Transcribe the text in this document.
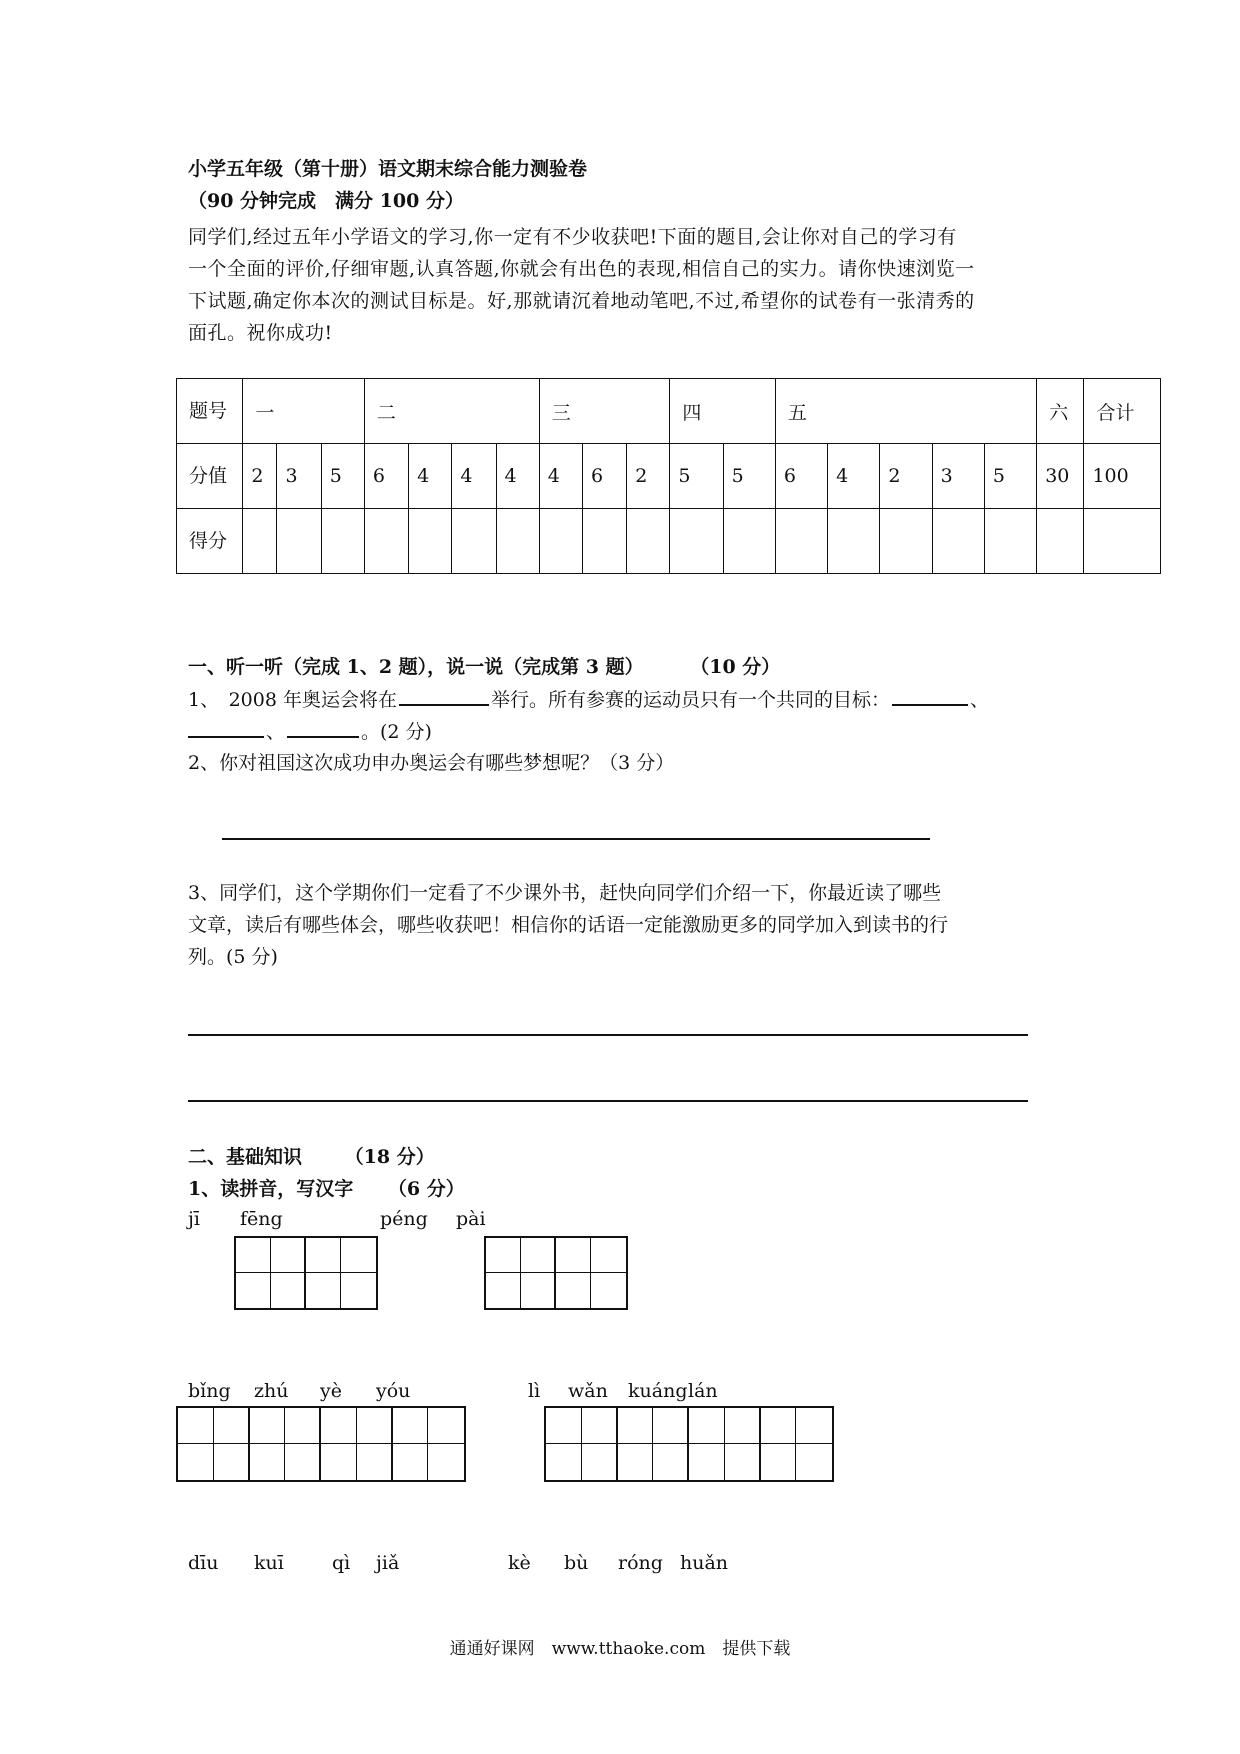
小学五年级（第十册）语文期末综合能力测验卷
（90 分钟完成　满分 100 分）
同学们,经过五年小学语文的学习,你一定有不少收获吧!下面的题目,会让你对自己的学习有
一个全面的评价,仔细审题,认真答题,你就会有出色的表现,相信自己的实力。请你快速浏览一
下试题,确定你本次的测试目标是。好,那就请沉着地动笔吧,不过,希望你的试卷有一张清秀的
面孔。祝你成功!
题号	一			二				三			四		五					六	合计
分值	2	3	5	6	4	4	4	4	6	2	5	5	6	4	2	3	5	30	100
得分																			
一、听一听（完成 1、2 题），说一说（完成第 3 题） （10 分）
1、　2008 年奥运会将在	举行。所有参赛的运动员只有一个共同的目标：	、
、	。(2 分)
2、你对祖国这次成功申办奥运会有哪些梦想呢？（3 分）
3、同学们，这个学期你们一定看了不少课外书，赶快向同学们介绍一下，你最近读了哪些
文章，读后有哪些体会，哪些收获吧！相信你的话语一定能激励更多的同学加入到读书的行
列。(5 分)
二、基础知识 （18 分）
1、读拼音，写汉字 （6 分）
jī fēng	péng pài
bǐng zhú yè yóu	lì wǎn kuáng lán
dīu kuī	qì jiǎ	kè bù róng huǎn
通通好课网　www.tthaoke.com　提供下载
